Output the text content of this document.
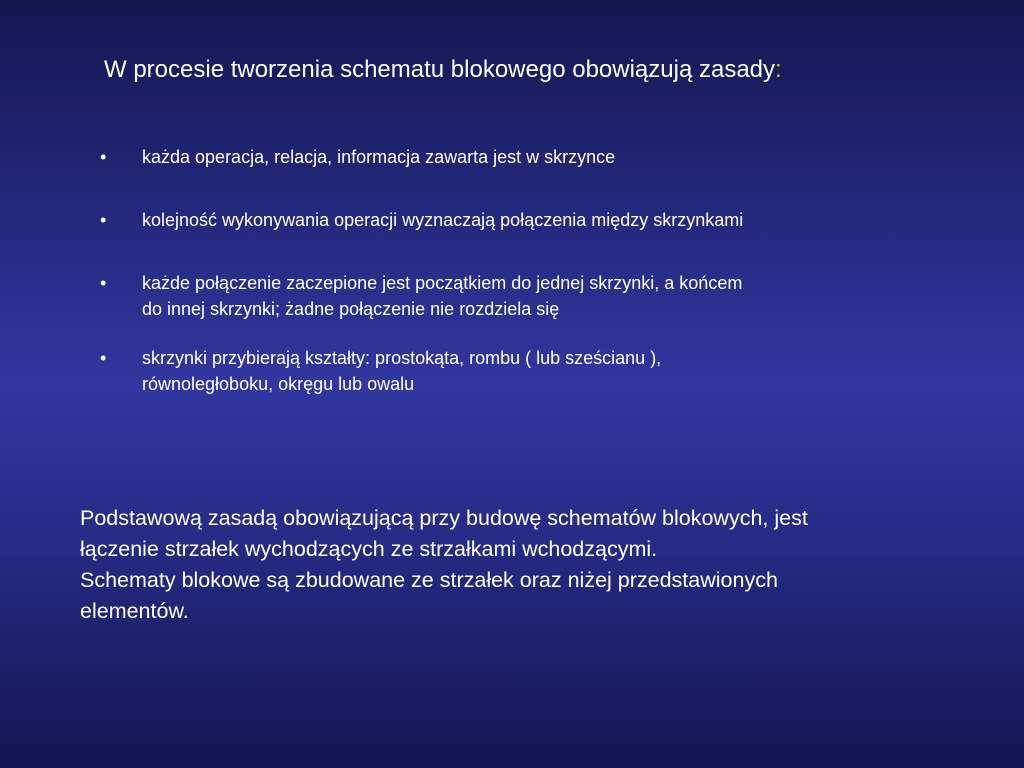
W procesie tworzenia schematu blokowego obowiązują zasady:
•	każda operacja, relacja, informacja zawarta jest w skrzynce
•	kolejność wykonywania operacji wyznaczają połączenia między skrzynkami
•	każde połączenie zaczepione jest początkiem do jednej skrzynki, a końcem
do innej skrzynki; żadne połączenie nie rozdziela się
•	skrzynki przybierają kształty: prostokąta, rombu ( lub sześcianu ),
równoległoboku, okręgu lub owalu

Podstawową zasadą obowiązującą przy budowę schematów blokowych, jest

łączenie strzałek wychodzących ze strzałkami wchodzącymi.

Schematy blokowe są zbudowane ze strzałek oraz niżej przedstawionych

elementów.
